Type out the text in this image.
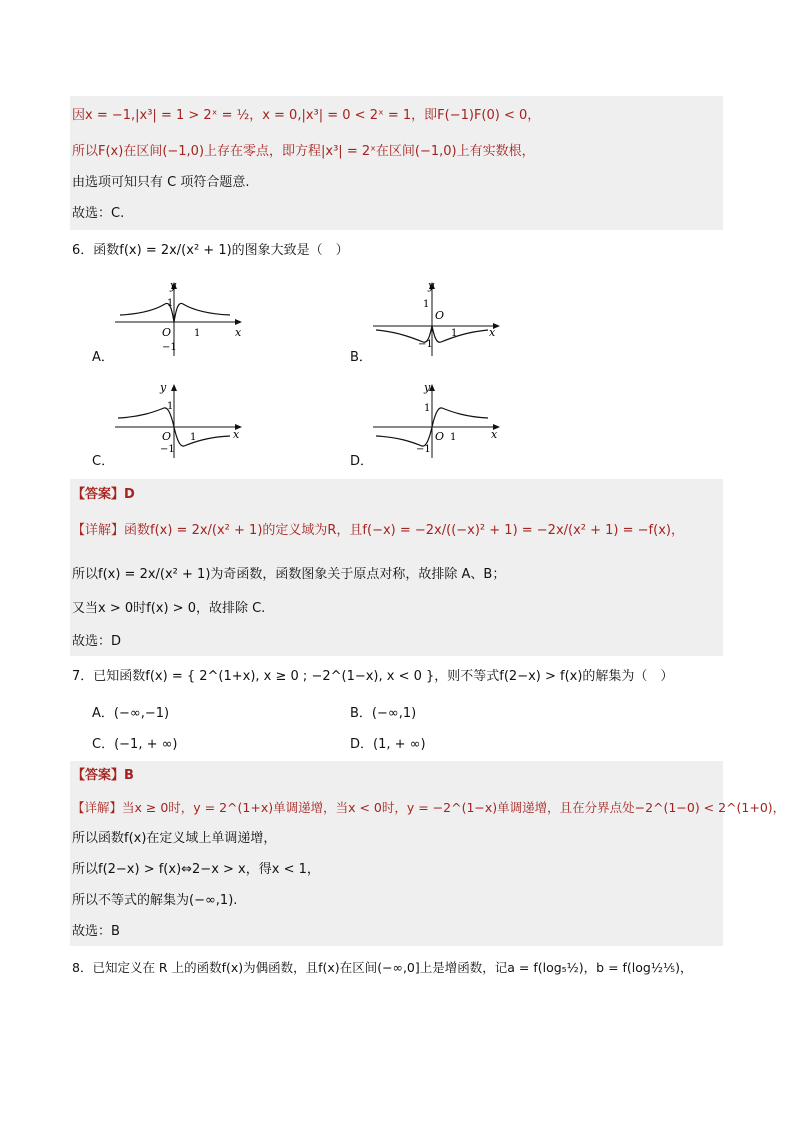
因x = −1,|x³| = 1 > 2ˣ = ½，x = 0,|x³| = 0 < 2ˣ = 1，即F(−1)F(0) < 0，
所以F(x)在区间(−1,0)上存在零点，即方程|x³| = 2ˣ在区间(−1,0)上有实数根，
由选项可知只有 C 项符合题意.
故选：C.
6．函数f(x) = 2x/(x² + 1)的图象大致是（　）
A．
y
x
O 1
1
−1
B．
y
x
O
1
1
−1
C．
y
x
O 1
1
−1
D．
y
x
O 1
1
−1
【答案】D
【详解】函数f(x) = 2x/(x² + 1)的定义域为R，且f(−x) = −2x/((−x)² + 1) = −2x/(x² + 1) = −f(x)，
所以f(x) = 2x/(x² + 1)为奇函数，函数图象关于原点对称，故排除 A、B；
又当x > 0时f(x) > 0，故排除 C.
故选：D
7．已知函数f(x) = { 2^(1+x), x ≥ 0 ; −2^(1−x), x < 0 }，则不等式f(2−x) > f(x)的解集为（　）
A．(−∞,−1)	B．(−∞,1)
C．(−1, + ∞)	D．(1, + ∞)
【答案】B
【详解】当x ≥ 0时，y = 2^(1+x)单调递增，当x < 0时，y = −2^(1−x)单调递增，且在分界点处−2^(1−0) < 2^(1+0)，
所以函数f(x)在定义域上单调递增，
所以f(2−x) > f(x)⇔2−x > x，得x < 1，
所以不等式的解集为(−∞,1).
故选：B
8．已知定义在 R 上的函数f(x)为偶函数，且f(x)在区间(−∞,0]上是增函数，记a = f(log₅½)，b = f(log½⅕)，
